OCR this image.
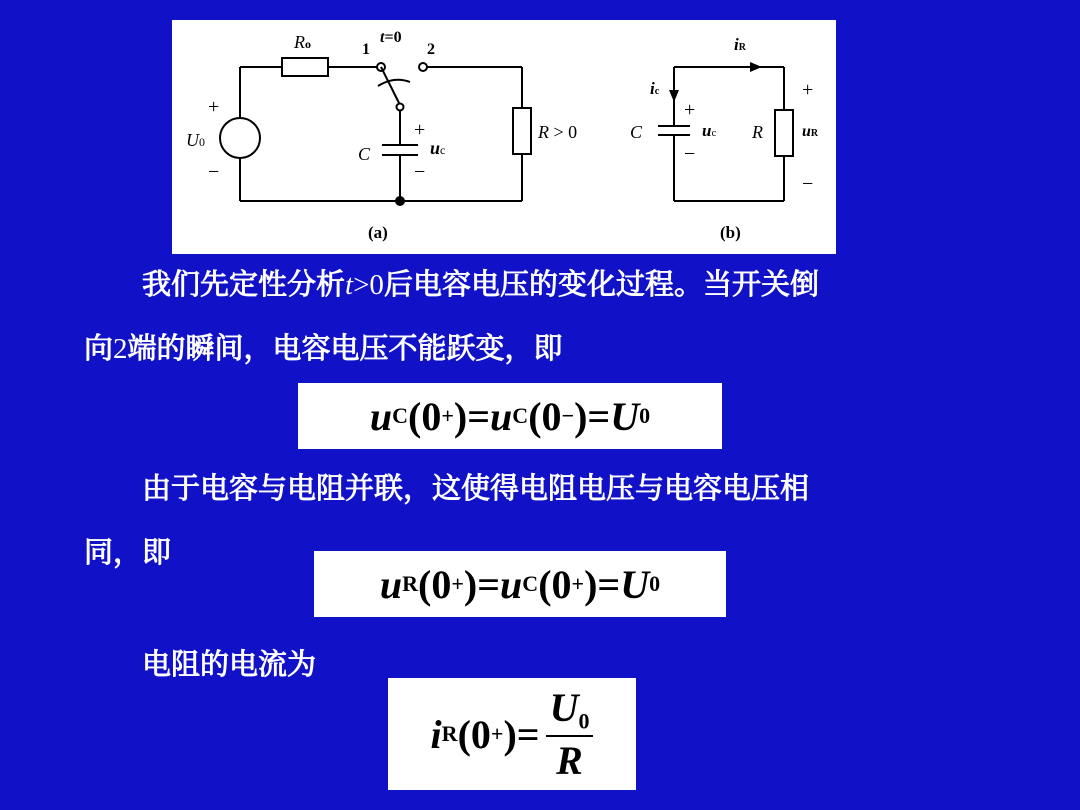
Ro	1	2
t=0
+
−
U0
C
+
−
uc
R > 0
(a)
iR
ic
+
−
C	uc R uR
+
−
(b)

　　我们先定性分析t>0后电容电压的变化过程。当开关倒

向2端的瞬间，电容电压不能跃变，即

u C (0 + ) = u C (0 − ) = U 0

　　由于电容与电阻并联，这使得电阻电压与电容电压相

同，即

u R (0 + ) = u C (0 + ) = U 0

　　电阻的电流为

i R (0 + ) = $\frac{U_0}{R}$
